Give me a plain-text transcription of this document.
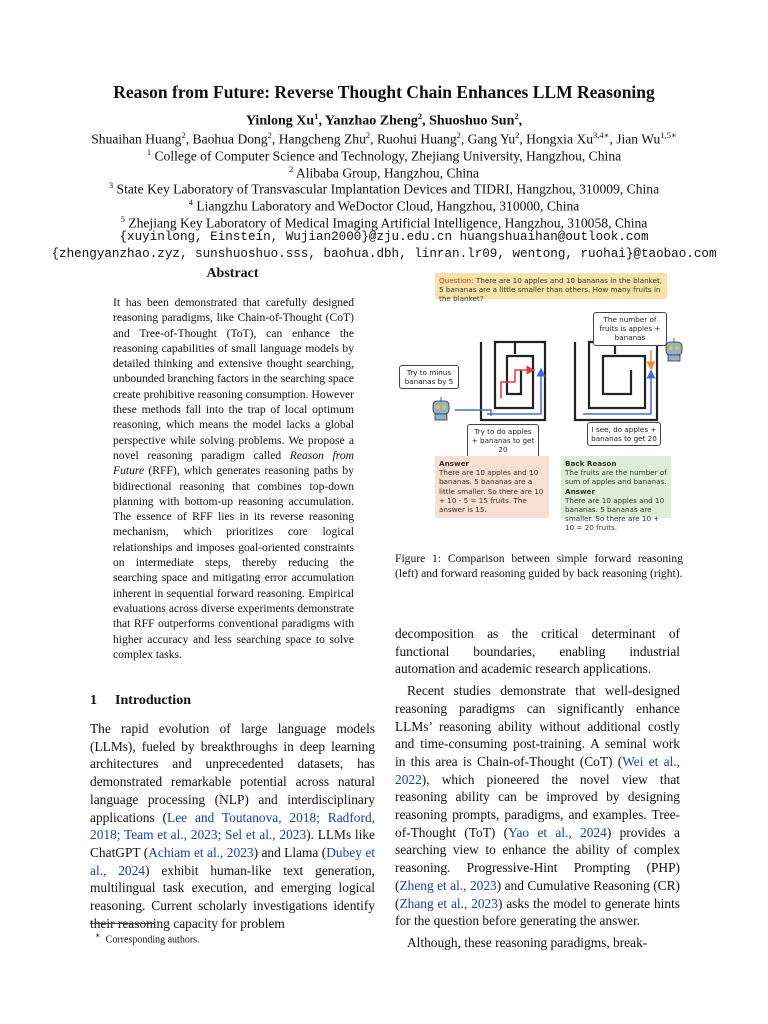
Reason from Future: Reverse Thought Chain Enhances LLM Reasoning
Yinlong Xu$^1$, Yanzhao Zheng$^2$, Shuoshuo Sun$^2$,
Shuaihan Huang$^2$, Baohua Dong$^2$, Hangcheng Zhu$^2$, Ruohui Huang$^2$, Gang Yu$^2$, Hongxia $Xu^{3,4∗}$, Jian $Wu^{1,5∗}$
$^1$ College of Computer Science and Technology, Zhejiang University, Hangzhou, China
$^2$ Alibaba Group, Hangzhou, China
$^3$ State Key Laboratory of Transvascular Implantation Devices and TIDRI, Hangzhou, 310009, China
$^4$ Liangzhu Laboratory and WeDoctor Cloud, Hangzhou, 310000, China
$^5$ Zhejiang Key Laboratory of Medical Imaging Artificial Intelligence, Hangzhou, 310058, China
{xuyinlong, Einstein, Wujian2000}@zju.edu.cn huangshuaihan@outlook.com
{zhengyanzhao.zyz, sunshuoshuo.sss, baohua.dbh, linran.lr09, wentong, ruohai}@taobao.com
Abstract
It has been demonstrated that carefully designed reasoning paradigms, like Chain-of-Thought (CoT) and Tree-of-Thought (ToT), can enhance the reasoning capabilities of small language models by detailed thinking and extensive thought searching, unbounded branching factors in the searching space create prohibitive reasoning consumption. However these methods fall into the trap of local optimum reasoning, which means the model lacks a global perspective while solving problems. We propose a novel reasoning paradigm called Reason from Future (RFF), which generates reasoning paths by bidirectional reasoning that combines top-down planning with bottom-up reasoning accumulation. The essence of RFF lies in its reverse reasoning mechanism, which prioritizes core logical relationships and imposes goal-oriented constraints on intermediate steps, thereby reducing the searching space and mitigating error accumulation inherent in sequential forward reasoning. Empirical evaluations across diverse experiments demonstrate that RFF outperforms conventional paradigms with higher accuracy and less searching space to solve complex tasks.
1 Introduction

The rapid evolution of large language models (LLMs), fueled by breakthroughs in deep learning architectures and unprecedented datasets, has demonstrated remarkable potential across natural language processing (NLP) and interdisciplinary applications (Lee and Toutanova, 2018; Radford, 2018; Team et al., 2023; Sel et al., 2023). LLMs like ChatGPT (Achiam et al., 2023) and Llama (Dubey et al., 2024) exhibit human-like text generation, multilingual task execution, and emerging logical reasoning. Current scholarly investigations identify their reasoning capacity for problem

∗ Corresponding authors.
Question: There are 10 apples and 10 bananas in the blanket, 5 bananas are a little smaller than others. How many fruits in the blanket?
Try to minus bananas by 5
Try to do apples + bananas to get 20
The number of fruits is apples + bananas
I see, do apples + bananas to get 20
Answer
There are 10 apples and 10 bananas. 5 bananas are a little smaller. So there are 10 + 10 - 5 = 15 fruits. The answer is 15.
Back Reason
The fruits are the number of sum of apples and bananas.
Answer
There are 10 apples and 10 bananas. 5 bananas are smaller. So there are 10 + 10 = 20 fruits.
Figure 1: Comparison between simple forward reasoning (left) and forward reasoning guided by back reasoning (right).

decomposition as the critical determinant of functional boundaries, enabling industrial automation and academic research applications.

Recent studies demonstrate that well-designed reasoning paradigms can significantly enhance LLMs’ reasoning ability without additional costly and time-consuming post-training. A seminal work in this area is Chain-of-Thought (CoT) (Wei et al., 2022), which pioneered the novel view that reasoning ability can be improved by designing reasoning prompts, paradigms, and examples. Tree-of-Thought (ToT) (Yao et al., 2024) provides a searching view to enhance the ability of complex reasoning. Progressive-Hint Prompting (PHP) (Zheng et al., 2023) and Cumulative Reasoning (CR) (Zhang et al., 2023) asks the model to generate hints for the question before generating the answer.

Although, these reasoning paradigms, break-
